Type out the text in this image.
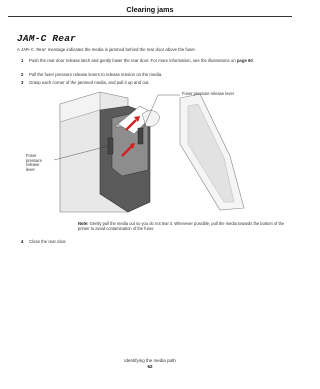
Clearing jams
JAM-C Rear
A JAM-C Rear message indicates the media is jammed behind the rear door above the fuser.
1 Push the rear door release latch and gently lower the rear door. For more information, see the illustrations on page 60.
2 Pull the fuser pressure release levers to release tension on the media.
3 Grasp each corner of the jammed media, and pull it up and out.
Fuser pressure release lever
Fuser
pressure
release
lever
Note: Gently pull the media out so you do not tear it. Whenever possible, pull the media towards the bottom of the printer to avoid contamination of the fuser.
4 Close the rear door.
Identifying the media path
62
